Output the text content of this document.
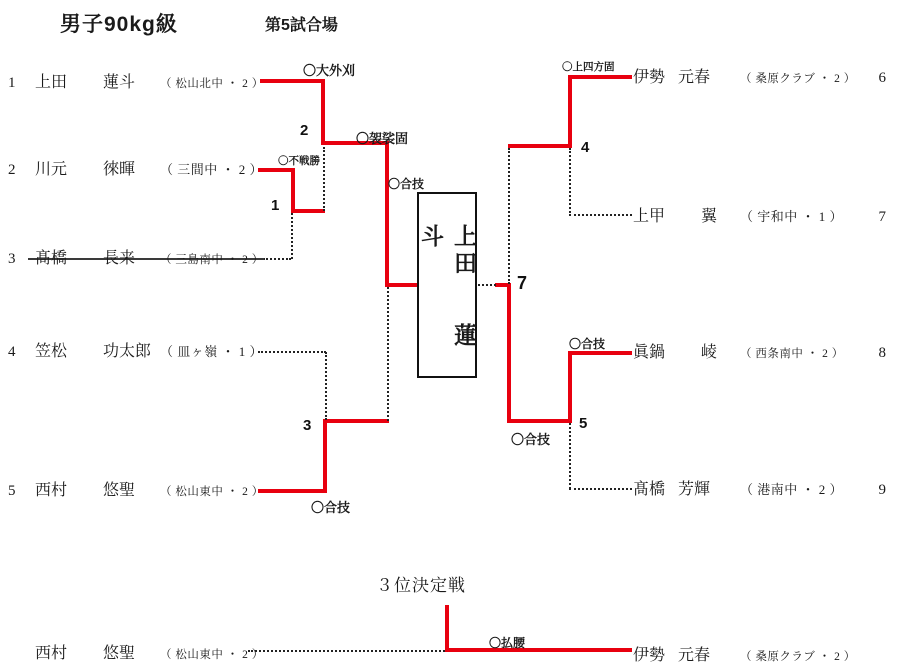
男子90kg級	第5試合場
1	上田	蓮斗	（ 松山北中 ・ 2 ）
2	川元	徠暉	（ 三間中 ・ 2 ）
3	髙橋	長来	（ 三島南中 ・ 2 ）
4	笠松	功太郎 （ 皿ヶ嶺 ・ 1 ）
5	西村	悠聖	（ 松山東中 ・ 2 ）
伊勢 元春	（ 桑原クラブ ・ 2 ） 6
上甲	翼	（ 宇和中 ・ 1 ） 7
眞鍋	崚	（ 西条南中 ・ 2 ） 8
髙橋 芳輝	（ 港南中 ・ 2 ） 9
上田 蓮斗
1
2
3
4
5
7
〇大外刈
〇袈裟固
〇合技
〇不戦勝
〇合技
〇上四方固
〇合技
〇合技
〇払腰
３位決定戦
西村	悠聖	（ 松山東中 ・ 2 ）	伊勢 元春	（ 桑原クラブ ・ 2 ）
